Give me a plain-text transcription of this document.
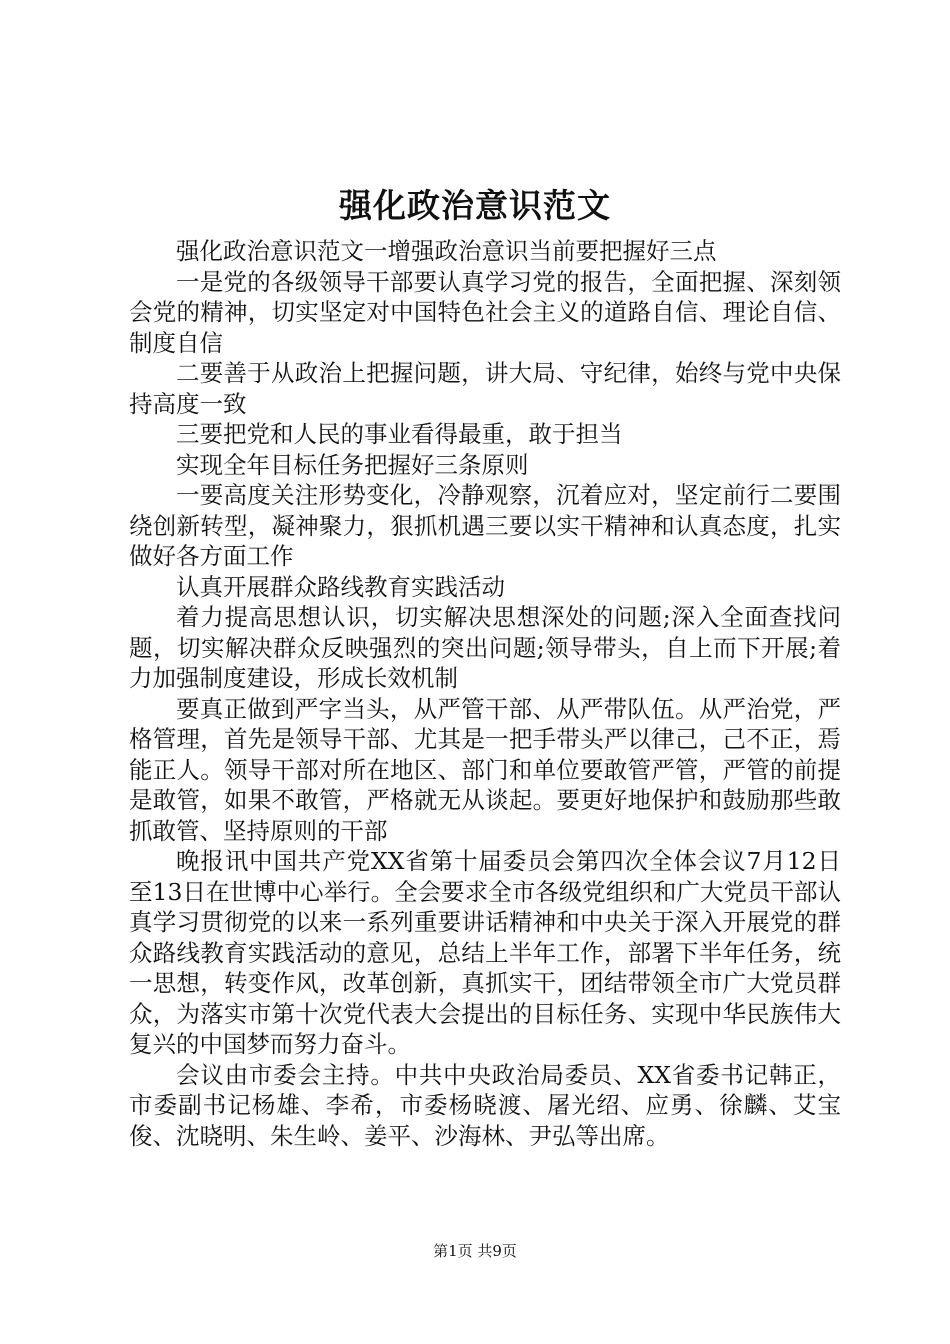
强化政治意识范文

强化政治意识范文一增强政治意识当前要把握好三点

一是党的各级领导干部要认真学习党的报告，全面把握、深刻领会党的精神，切实坚定对中国特色社会主义的道路自信、理论自信、制度自信

二要善于从政治上把握问题，讲大局、守纪律，始终与党中央保持高度一致

三要把党和人民的事业看得最重，敢于担当

实现全年目标任务把握好三条原则

一要高度关注形势变化，冷静观察，沉着应对，坚定前行二要围绕创新转型，凝神聚力，狠抓机遇三要以实干精神和认真态度，扎实做好各方面工作

认真开展群众路线教育实践活动

着力提高思想认识，切实解决思想深处的问题;深入全面查找问题，切实解决群众反映强烈的突出问题;领导带头，自上而下开展;着力加强制度建设，形成长效机制

要真正做到严字当头，从严管干部、从严带队伍。从严治党，严格管理，首先是领导干部、尤其是一把手带头严以律己，己不正，焉能正人。领导干部对所在地区、部门和单位要敢管严管，严管的前提是敢管，如果不敢管，严格就无从谈起。要更好地保护和鼓励那些敢抓敢管、坚持原则的干部

晚报讯中国共产党XX省第十届委员会第四次全体会议7月12日至13日在世博中心举行。全会要求全市各级党组织和广大党员干部认真学习贯彻党的以来一系列重要讲话精神和中央关于深入开展党的群众路线教育实践活动的意见，总结上半年工作，部署下半年任务，统一思想，转变作风，改革创新，真抓实干，团结带领全市广大党员群众，为落实市第十次党代表大会提出的目标任务、实现中华民族伟大复兴的中国梦而努力奋斗。

会议由市委会主持。中共中央政治局委员、XX省委书记韩正，市委副书记杨雄、李希，市委杨晓渡、屠光绍、应勇、徐麟、艾宝俊、沈晓明、朱生岭、姜平、沙海林、尹弘等出席。

第1页 共9页
